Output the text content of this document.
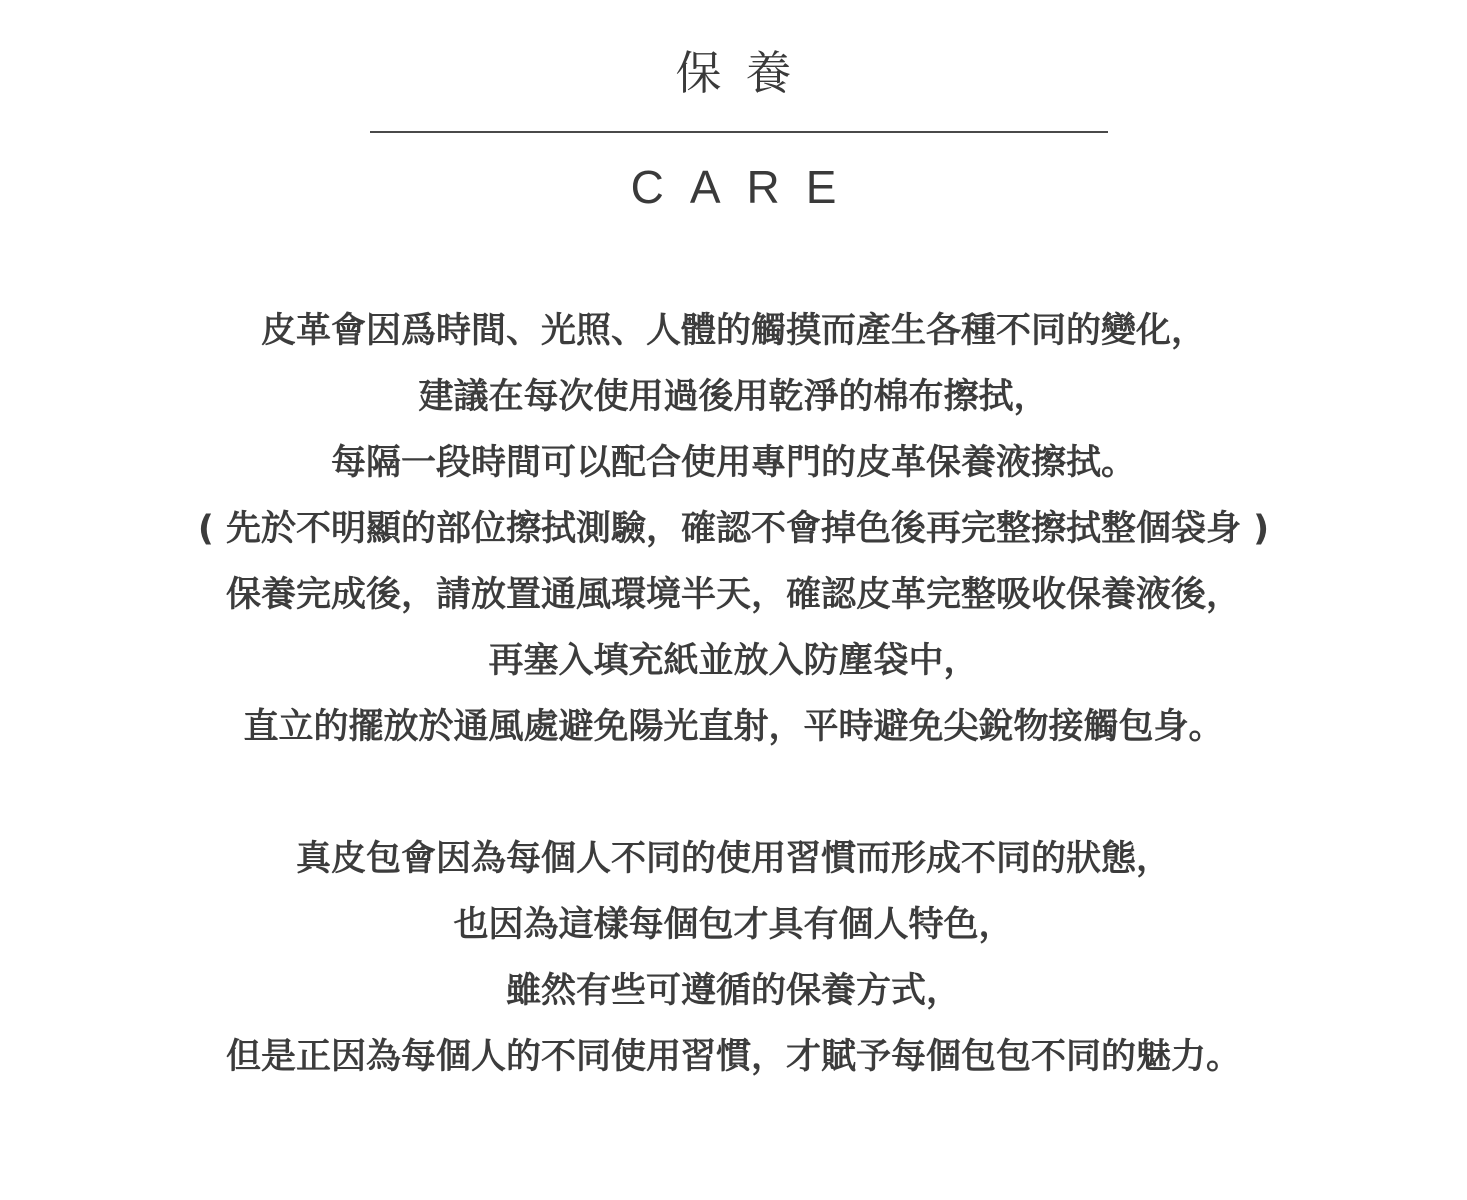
保養
CARE
皮革會因爲時間、光照、人體的觸摸而產生各種不同的變化，
建議在每次使用過後用乾淨的棉布擦拭，
每隔一段時間可以配合使用專門的皮革保養液擦拭。
( 先於不明顯的部位擦拭測驗，確認不會掉色後再完整擦拭整個袋身 )
保養完成後，請放置通風環境半天，確認皮革完整吸收保養液後，
再塞入填充紙並放入防塵袋中，
直立的擺放於通風處避免陽光直射，平時避免尖銳物接觸包身。
真皮包會因為每個人不同的使用習慣而形成不同的狀態，
也因為這樣每個包才具有個人特色，
雖然有些可遵循的保養方式，
但是正因為每個人的不同使用習慣，才賦予每個包包不同的魅力。
